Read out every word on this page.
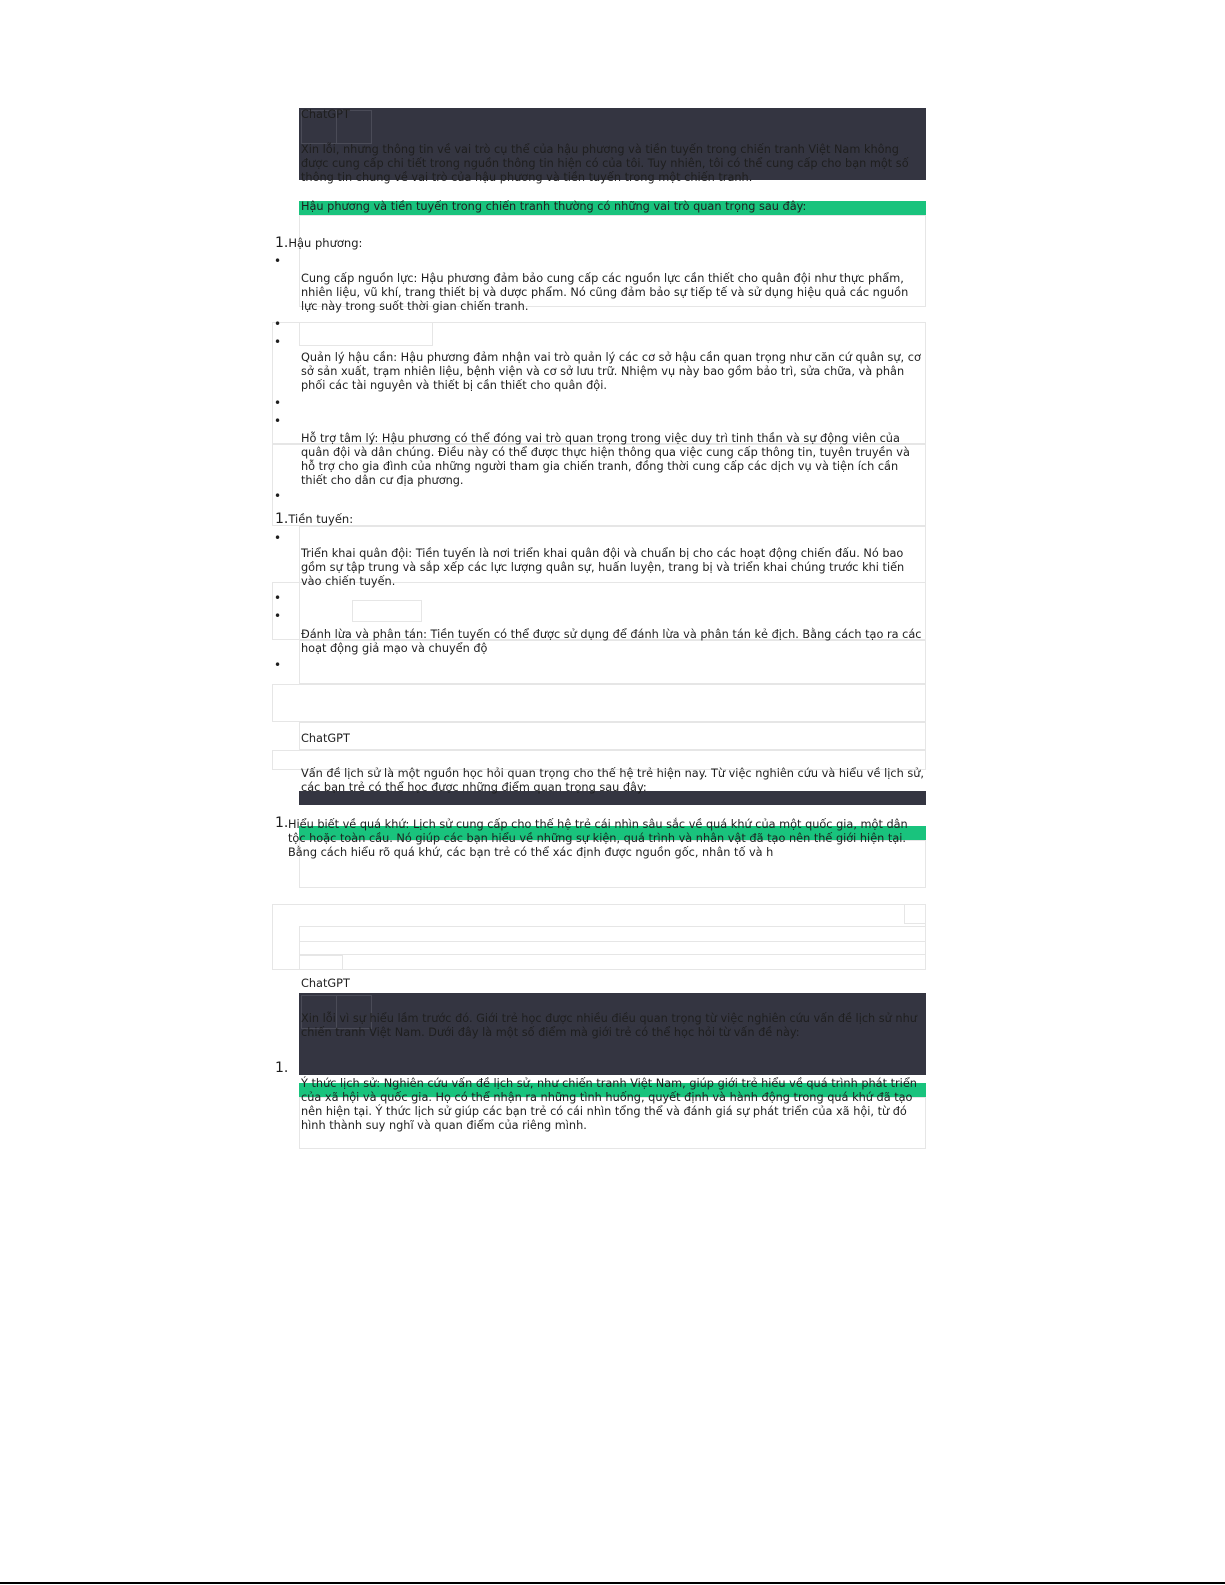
ChatGPT
Xin lỗi, nhưng thông tin về vai trò cụ thể của hậu phương và tiền tuyến trong chiến tranh Việt Nam không được cung cấp chi tiết trong nguồn thông tin hiện có của tôi. Tuy nhiên, tôi có thể cung cấp cho bạn một số thông tin chung về vai trò của hậu phương và tiền tuyến trong một chiến tranh.
Hậu phương và tiền tuyến trong chiến tranh thường có những vai trò quan trọng sau đây:
1.Hậu phương:
•
Cung cấp nguồn lực: Hậu phương đảm bảo cung cấp các nguồn lực cần thiết cho quân đội như thực phẩm, nhiên liệu, vũ khí, trang thiết bị và dược phẩm. Nó cũng đảm bảo sự tiếp tế và sử dụng hiệu quả các nguồn lực này trong suốt thời gian chiến tranh.
•
•
Quản lý hậu cần: Hậu phương đảm nhận vai trò quản lý các cơ sở hậu cần quan trọng như căn cứ quân sự, cơ sở sản xuất, trạm nhiên liệu, bệnh viện và cơ sở lưu trữ. Nhiệm vụ này bao gồm bảo trì, sửa chữa, và phân phối các tài nguyên và thiết bị cần thiết cho quân đội.
•
•
Hỗ trợ tâm lý: Hậu phương có thể đóng vai trò quan trọng trong việc duy trì tinh thần và sự động viên của quân đội và dân chúng. Điều này có thể được thực hiện thông qua việc cung cấp thông tin, tuyên truyền và hỗ trợ cho gia đình của những người tham gia chiến tranh, đồng thời cung cấp các dịch vụ và tiện ích cần thiết cho dân cư địa phương.
•
1.Tiền tuyến:
•
Triển khai quân đội: Tiền tuyến là nơi triển khai quân đội và chuẩn bị cho các hoạt động chiến đấu. Nó bao gồm sự tập trung và sắp xếp các lực lượng quân sự, huấn luyện, trang bị và triển khai chúng trước khi tiến vào chiến tuyến.
•
•
Đánh lừa và phân tán: Tiền tuyến có thể được sử dụng để đánh lừa và phân tán kẻ địch. Bằng cách tạo ra các hoạt động giả mạo và chuyển độ
•
ChatGPT
Vấn đề lịch sử là một nguồn học hỏi quan trọng cho thế hệ trẻ hiện nay. Từ việc nghiên cứu và hiểu về lịch sử, các bạn trẻ có thể học được những điểm quan trọng sau đây:
1. Hiểu biết về quá khứ: Lịch sử cung cấp cho thế hệ trẻ cái nhìn sâu sắc về quá khứ của một quốc gia, một dân tộc hoặc toàn cầu. Nó giúp các bạn hiểu về những sự kiện, quá trình và nhân vật đã tạo nên thế giới hiện tại. Bằng cách hiểu rõ quá khứ, các bạn trẻ có thể xác định được nguồn gốc, nhân tố và h
ChatGPT
Xin lỗi vì sự hiểu lầm trước đó. Giới trẻ học được nhiều điều quan trọng từ việc nghiên cứu vấn đề lịch sử như chiến tranh Việt Nam. Dưới đây là một số điểm mà giới trẻ có thể học hỏi từ vấn đề này:
1.
Ý thức lịch sử: Nghiên cứu vấn đề lịch sử, như chiến tranh Việt Nam, giúp giới trẻ hiểu về quá trình phát triển của xã hội và quốc gia. Họ có thể nhận ra những tình huống, quyết định và hành động trong quá khứ đã tạo nên hiện tại. Ý thức lịch sử giúp các bạn trẻ có cái nhìn tổng thể và đánh giá sự phát triển của xã hội, từ đó hình thành suy nghĩ và quan điểm của riêng mình.
